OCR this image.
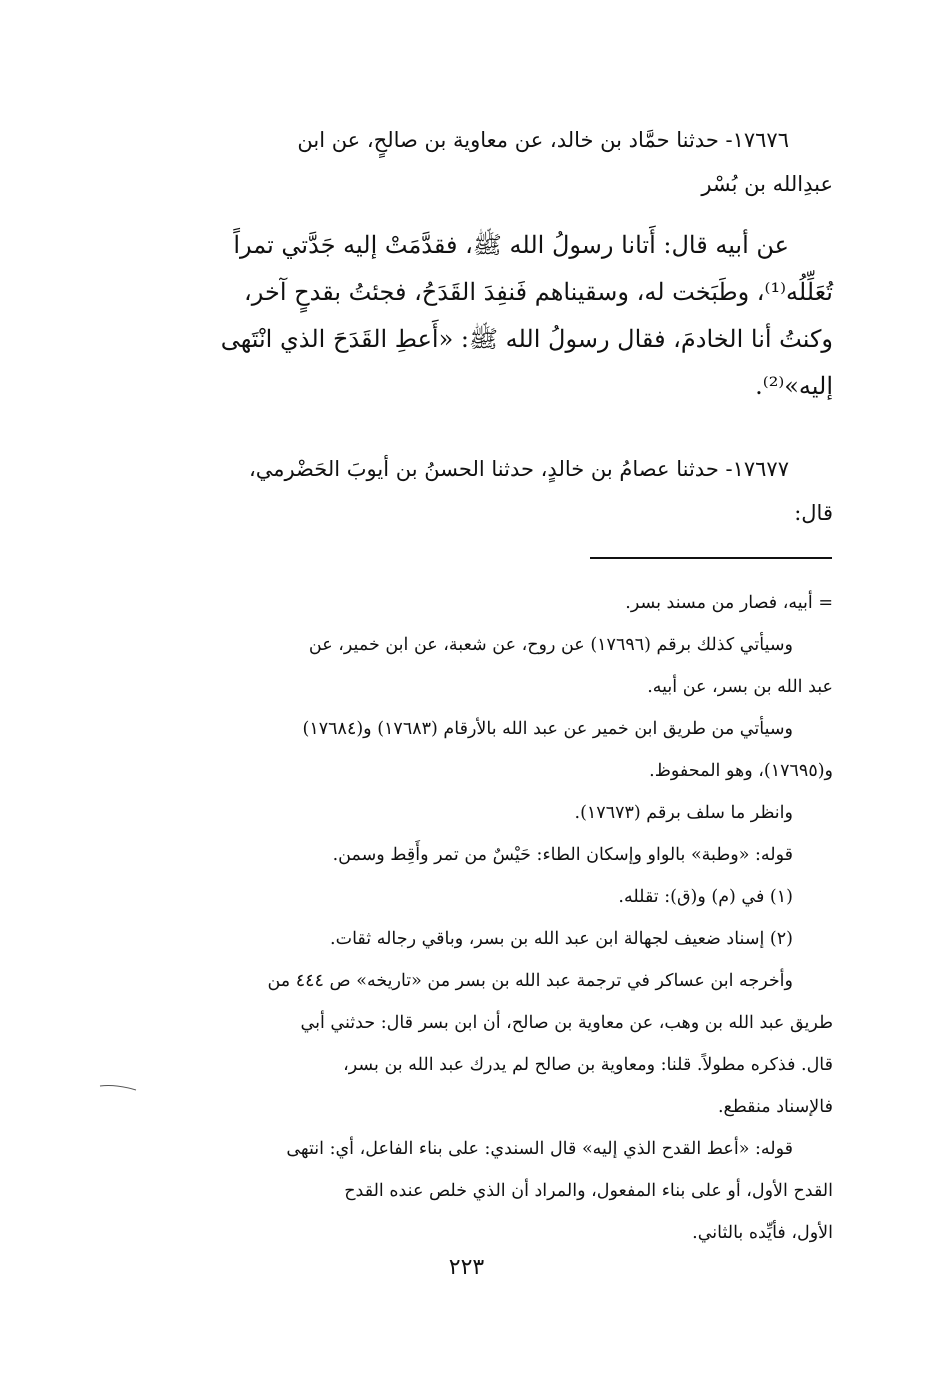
١٧٦٧٦- حدثنا حمَّاد بن خالد، عن معاوية بن صالحٍ، عن ابن

عبدِالله بن بُسْر

عن أبيه قال: أَتانا رسولُ الله ﷺ، فقدَّمَتْ إليه جَدَّتي تمراً

تُعَلِّلُه⁽¹⁾، وطَبَخت له، وسقيناهم فَنفِدَ القَدَحُ، فجئتُ بقدحٍ آخر،

وكنتُ أنا الخادمَ، فقال رسولُ الله ﷺ: «أَعطِ القَدَحَ الذي انْتَهى

إليه»⁽²⁾.

١٧٦٧٧- حدثنا عصامُ بن خالدٍ، حدثنا الحسنُ بن أيوبَ الحَضْرمي،

قال:

= أبيه، فصار من مسند بسر.

وسيأتي كذلك برقم (١٧٦٩٦) عن روح، عن شعبة، عن ابن خمير، عن

عبد الله بن بسر، عن أبيه.

وسيأتي من طريق ابن خمير عن عبد الله بالأرقام (١٧٦٨٣) و(١٧٦٨٤)

و(١٧٦٩٥)، وهو المحفوظ.

وانظر ما سلف برقم (١٧٦٧٣).

قوله: «وطبة» بالواو وإسكان الطاء: حَيْسٌ من تمر وأَقِط وسمن.

(١) في (م) و(ق): تقلله.

(٢) إسناد ضعيف لجهالة ابن عبد الله بن بسر، وباقي رجاله ثقات.

وأخرجه ابن عساكر في ترجمة عبد الله بن بسر من «تاريخه» ص ٤٤٤ من

طريق عبد الله بن وهب، عن معاوية بن صالح، أن ابن بسر قال: حدثني أبي

قال. فذكره مطولاً. قلنا: ومعاوية بن صالح لم يدرك عبد الله بن بسر،

فالإسناد منقطع.

قوله: «أعط القدح الذي إليه» قال السندي: على بناء الفاعل، أي: انتهى

القدح الأول، أو على بناء المفعول، والمراد أن الذي خلص عنده القدح

الأول، فأيِّده بالثاني.

٢٢٣
